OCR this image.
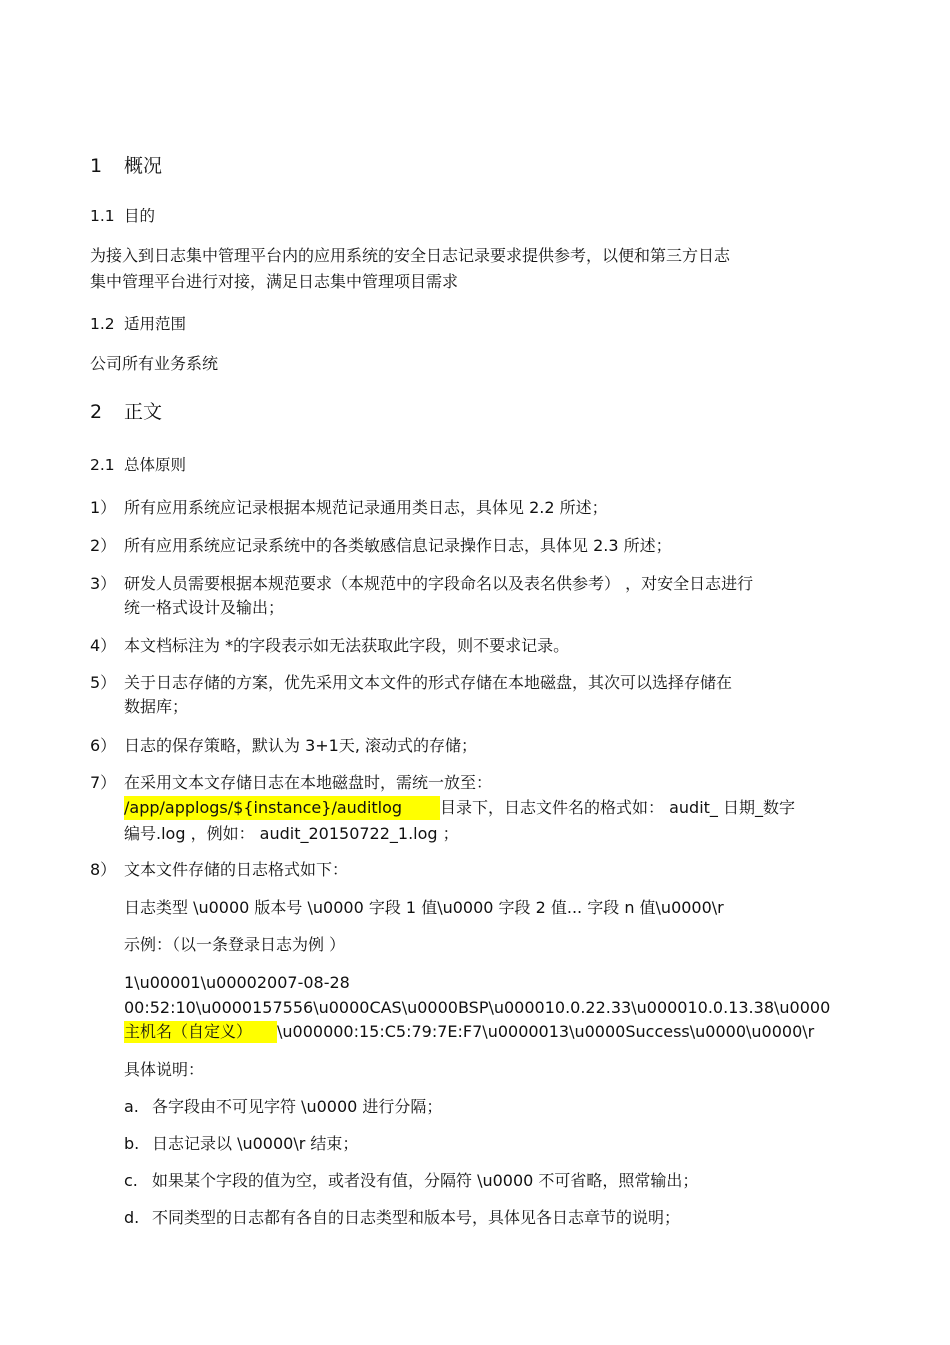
1 概况
1.1 目的
为接入到日志集中管理平台内的应用系统的安全日志记录要求提供参考，以便和第三方日志
集中管理平台进行对接，满足日志集中管理项目需求
1.2 适用范围
公司所有业务系统
2 正文
2.1 总体原则
1） 所有应用系统应记录根据本规范记录通用类日志，具体见 2.2 所述；
2） 所有应用系统应记录系统中的各类敏感信息记录操作日志，具体见 2.3 所述；
3） 研发人员需要根据本规范要求（本规范中的字段命名以及表名供参考） ，对安全日志进行
统一格式设计及输出；
4） 本文档标注为 *的字段表示如无法获取此字段，则不要求记录。
5） 关于日志存储的方案，优先采用文本文件的形式存储在本地磁盘，其次可以选择存储在
数据库；
6） 日志的保存策略，默认为 3+1天, 滚动式的存储；
7） 在采用文本文存储日志在本地磁盘时，需统一放至：
/app/applogs/${instance}/auditlog 目录下，日志文件名的格式如： audit_ 日期_数字
编号.log ，例如： audit_20150722_1.log ；
8） 文本文件存储的日志格式如下：
日志类型 \u0000 版本号 \u0000 字段 1 值\u0000 字段 2 值... 字段 n 值\u0000\r
示例：（以一条登录日志为例 ）
1\u00001\u00002007-08-28
00:52:10\u0000157556\u0000CAS\u0000BSP\u000010.0.22.33\u000010.0.13.38\u0000
主机名（自定义） \u000000:15:C5:79:7E:F7\u0000013\u0000Success\u0000\u0000\r
具体说明：
a. 各字段由不可见字符 \u0000 进行分隔；
b. 日志记录以 \u0000\r 结束；
c. 如果某个字段的值为空，或者没有值，分隔符 \u0000 不可省略，照常输出；
d. 不同类型的日志都有各自的日志类型和版本号，具体见各日志章节的说明；
